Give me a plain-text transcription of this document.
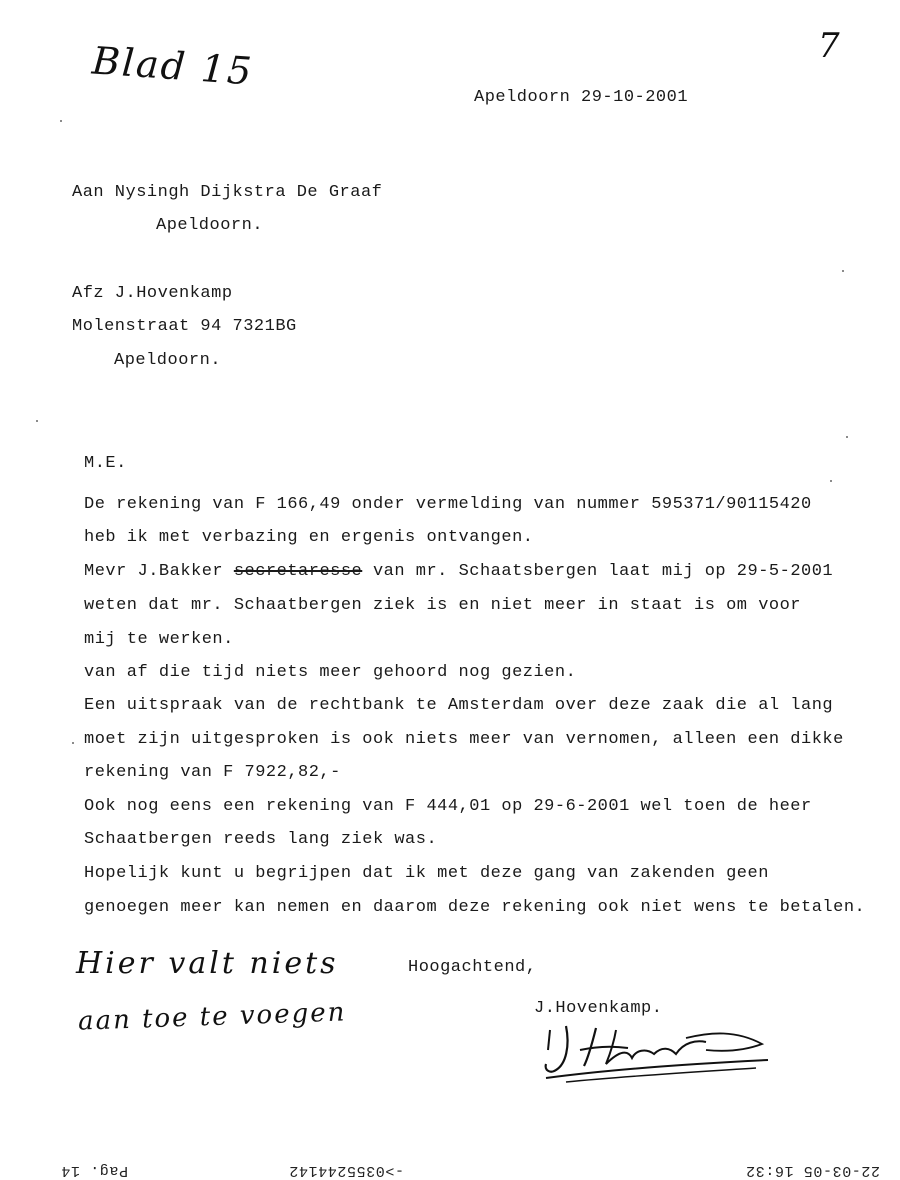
Blad 15	7
Apeldoorn 29-10-2001
Aan Nysingh Dijkstra De Graaf
Apeldoorn.
Afz J.Hovenkamp
Molenstraat 94 7321BG
Apeldoorn.
M.E.
De rekening van F 166,49 onder vermelding van nummer 595371/90115420
heb ik met verbazing en ergenis ontvangen.
Mevr J.Bakker secretaresse van mr. Schaatsbergen laat mij op 29-5-2001
weten dat mr. Schaatbergen ziek is en niet meer in staat is om voor
mij te werken.
van af die tijd niets meer gehoord nog gezien.
Een uitspraak van de rechtbank te Amsterdam over deze zaak die al lang
moet zijn uitgesproken is ook niets meer van vernomen, alleen een dikke
rekening van F 7922,82,-
Ook nog eens een rekening van F 444,01 op 29-6-2001 wel toen de heer
Schaatbergen reeds lang ziek was.
Hopelijk kunt u begrijpen dat ik met deze gang van zakenden geen
genoegen meer kan nemen en daarom deze rekening ook niet wens te betalen.
Hier valt niets
aan toe te voegen
Hoogachtend,
J.Hovenkamp.
22-03-05 16:32
->0355244142
Pag. 14
